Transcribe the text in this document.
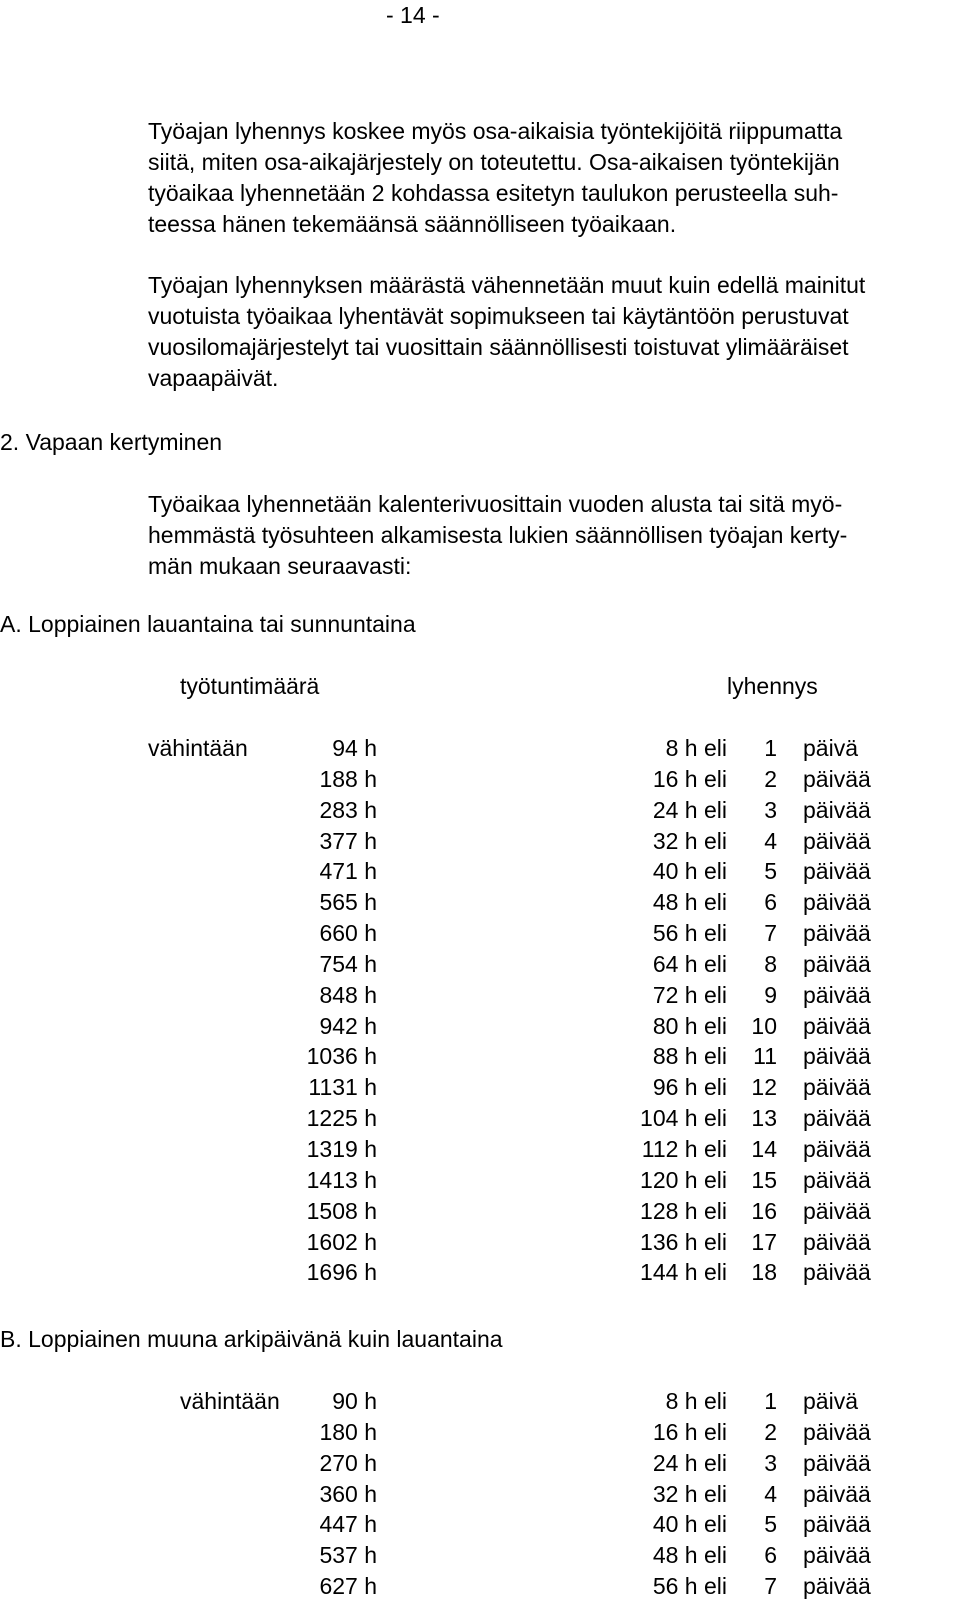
- 14 -
Työajan lyhennys koskee myös osa-aikaisia työntekijöitä riippumatta
siitä, miten osa-aikajärjestely on toteutettu. Osa-aikaisen työntekijän
työaikaa lyhennetään 2 kohdassa esitetyn taulukon perusteella suh-
teessa hänen tekemäänsä säännölliseen työaikaan.
Työajan lyhennyksen määrästä vähennetään muut kuin edellä mainitut
vuotuista työaikaa lyhentävät sopimukseen tai käytäntöön perustuvat
vuosilomajärjestelyt tai vuosittain säännöllisesti toistuvat ylimääräiset
vapaapäivät.
2. Vapaan kertyminen
Työaikaa lyhennetään kalenterivuosittain vuoden alusta tai sitä myö-
hemmästä työsuhteen alkamisesta lukien säännöllisen työajan kerty-
män mukaan seuraavasti:
A. Loppiainen lauantaina tai sunnuntaina
työtuntimäärä	lyhennys
vähintään	94 h	8 h eli 1 päivä
188 h	16 h eli 2 päivää
283 h	24 h eli 3 päivää
377 h	32 h eli 4 päivää
471 h	40 h eli 5 päivää
565 h	48 h eli 6 päivää
660 h	56 h eli 7 päivää
754 h	64 h eli 8 päivää
848 h	72 h eli 9 päivää
942 h	80 h eli 10 päivää
1036 h	88 h eli 11 päivää
1131 h	96 h eli 12 päivää
1225 h	104 h eli 13 päivää
1319 h	112 h eli 14 päivää
1413 h	120 h eli 15 päivää
1508 h	128 h eli 16 päivää
1602 h	136 h eli 17 päivää
1696 h	144 h eli 18 päivää
B. Loppiainen muuna arkipäivänä kuin lauantaina
vähintään 90 h	8 h eli 1 päivä
180 h	16 h eli 2 päivää
270 h	24 h eli 3 päivää
360 h	32 h eli 4 päivää
447 h	40 h eli 5 päivää
537 h	48 h eli 6 päivää
627 h	56 h eli 7 päivää
